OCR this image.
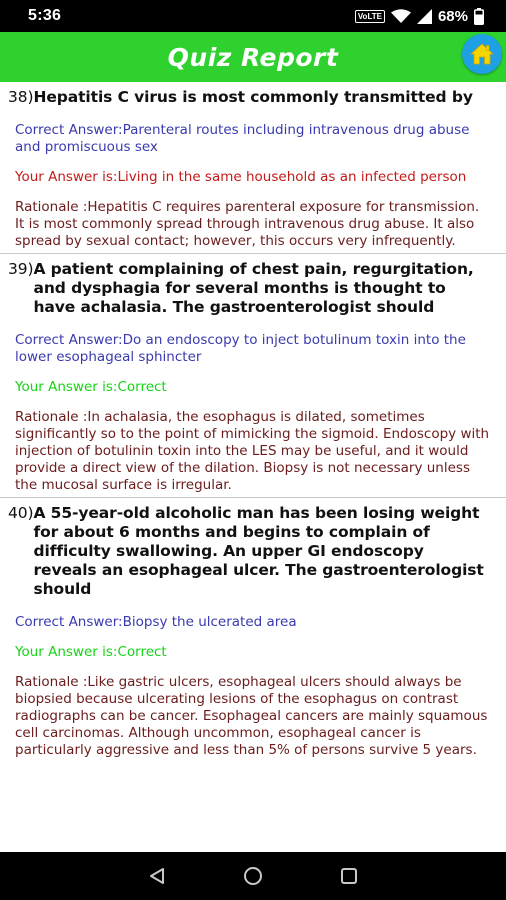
5:36	VoLTE	68%
Quiz Report
38) Hepatitis C virus is most commonly transmitted by
Correct Answer:Parenteral routes including intravenous drug abuse and promiscuous sex
Your Answer is:Living in the same household as an infected person
Rationale :Hepatitis C requires parenteral exposure for transmission. It is most commonly spread through intravenous drug abuse. It also spread by sexual contact; however, this occurs very infrequently.
39) A patient complaining of chest pain, regurgitation, and dysphagia for several months is thought to have achalasia. The gastroenterologist should
Correct Answer:Do an endoscopy to inject botulinum toxin into the lower esophageal sphincter
Your Answer is:Correct
Rationale :In achalasia, the esophagus is dilated, sometimes significantly so to the point of mimicking the sigmoid. Endoscopy with injection of botulinin toxin into the LES may be useful, and it would provide a direct view of the dilation. Biopsy is not necessary unless the mucosal surface is irregular.
40) A 55-year-old alcoholic man has been losing weight for about 6 months and begins to complain of difficulty swallowing. An upper GI endoscopy reveals an esophageal ulcer. The gastroenterologist should
Correct Answer:Biopsy the ulcerated area
Your Answer is:Correct
Rationale :Like gastric ulcers, esophageal ulcers should always be biopsied because ulcerating lesions of the esophagus on contrast radiographs can be cancer. Esophageal cancers are mainly squamous cell carcinomas. Although uncommon, esophageal cancer is particularly aggressive and less than 5% of persons survive 5 years.
